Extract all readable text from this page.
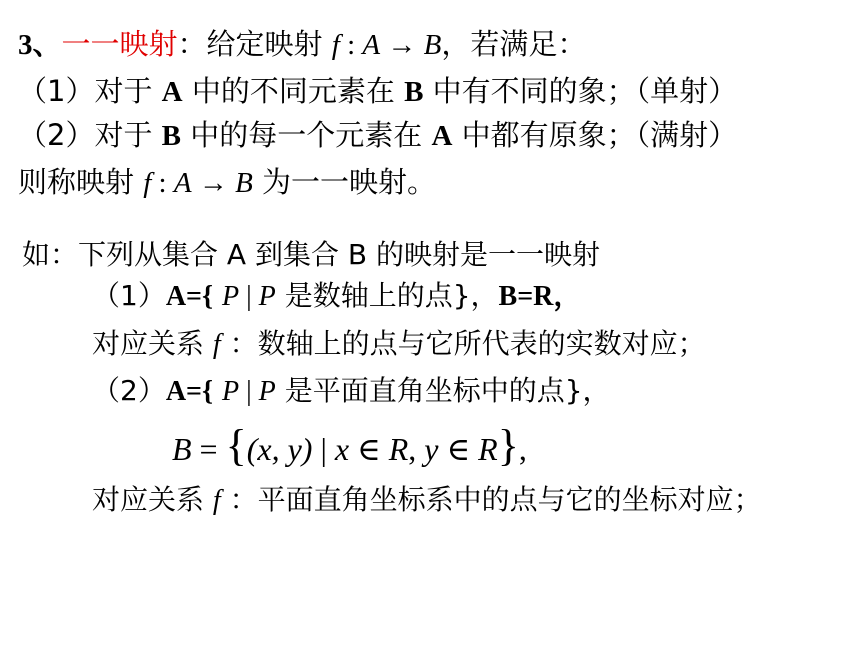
3、一一映射：给定映射 f : A → B，若满足：
（1）对于 A 中的不同元素在 B 中有不同的象；（单射）
（2）对于 B 中的每一个元素在 A 中都有原象；（满射）
则称映射 f : A → B 为一一映射。
如：下列从集合 A 到集合 B 的映射是一一映射
（1）A={ P | P 是数轴上的点}，B=R，
对应关系 f ：数轴上的点与它所代表的实数对应；
（2）A={ P | P 是平面直角坐标中的点}，
B = {(x, y) | x ∈ R, y ∈ R},
对应关系 f ：平面直角坐标系中的点与它的坐标对应；
